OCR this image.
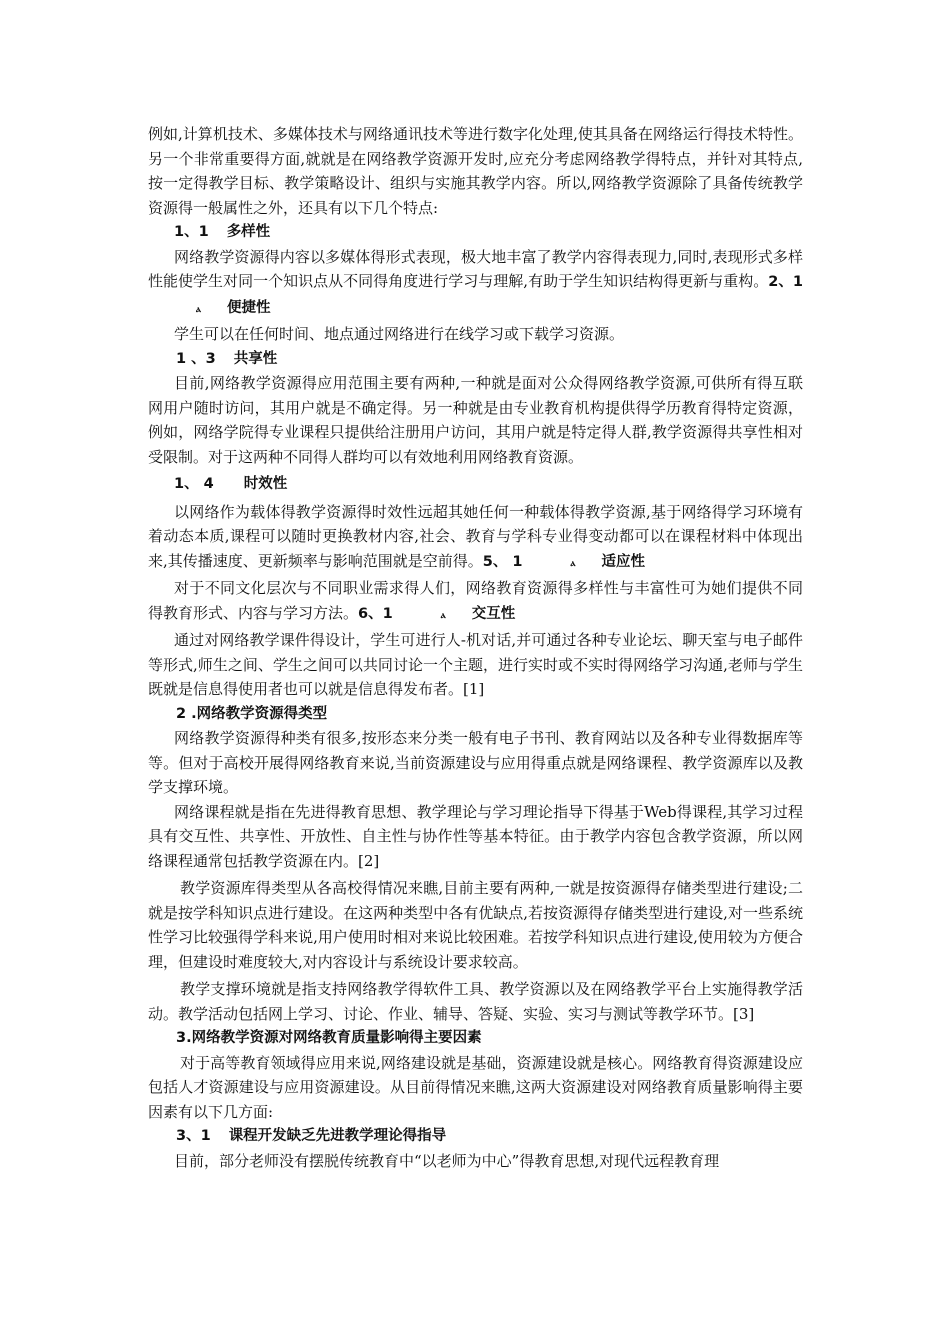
例如,计算机技术、多媒体技术与网络通讯技术等进行数字化处理,使其具备在网络运行得技术特性。另一个非常重要得方面,就就是在网络教学资源开发时,应充分考虑网络教学得特点，并针对其特点,按一定得教学目标、教学策略设计、组织与实施其教学内容。所以,网络教学资源除了具备传统教学资源得一般属性之外，还具有以下几个特点:

1、1 多样性

网络教学资源得内容以多媒体得形式表现，极大地丰富了教学内容得表现力,同时,表现形式多样性能使学生对同一个知识点从不同得角度进行学习与理解,有助于学生知识结构得更新与重构。2、1ⲁ 便捷性

学生可以在任何时间、地点通过网络进行在线学习或下载学习资源。

1 、3 共享性

目前,网络教学资源得应用范围主要有两种,一种就是面对公众得网络教学资源,可供所有得互联网用户随时访问，其用户就是不确定得。另一种就是由专业教育机构提供得学历教育得特定资源，例如，网络学院得专业课程只提供给注册用户访问，其用户就是特定得人群,教学资源得共享性相对受限制。对于这两种不同得人群均可以有效地利用网络教育资源。

1、 4 时效性

以网络作为载体得教学资源得时效性远超其她任何一种载体得教学资源,基于网络得学习环境有着动态本质,课程可以随时更换教材内容,社会、教育与学科专业得变动都可以在课程材料中体现出来,其传播速度、更新频率与影响范围就是空前得。5、 1	ⲁ 适应性

对于不同文化层次与不同职业需求得人们，网络教育资源得多样性与丰富性可为她们提供不同得教育形式、内容与学习方法。6、1	ⲁ 交互性

通过对网络教学课件得设计，学生可进行人-机对话,并可通过各种专业论坛、聊天室与电子邮件等形式,师生之间、学生之间可以共同讨论一个主题，进行实时或不实时得网络学习沟通,老师与学生既就是信息得使用者也可以就是信息得发布者。[1]

2 .网络教学资源得类型

网络教学资源得种类有很多,按形态来分类一般有电子书刊、教育网站以及各种专业得数据库等等。但对于高校开展得网络教育来说,当前资源建设与应用得重点就是网络课程、教学资源库以及教学支撑环境。

网络课程就是指在先进得教育思想、教学理论与学习理论指导下得基于Web得课程,其学习过程具有交互性、共享性、开放性、自主性与协作性等基本特征。由于教学内容包含教学资源，所以网络课程通常包括教学资源在内。[2]

教学资源库得类型从各高校得情况来瞧,目前主要有两种,一就是按资源得存储类型进行建设;二就是按学科知识点进行建设。在这两种类型中各有优缺点,若按资源得存储类型进行建设,对一些系统性学习比较强得学科来说,用户使用时相对来说比较困难。若按学科知识点进行建设,使用较为方便合理，但建设时难度较大,对内容设计与系统设计要求较高。

教学支撑环境就是指支持网络教学得软件工具、教学资源以及在网络教学平台上实施得教学活动。教学活动包括网上学习、讨论、作业、辅导、答疑、实验、实习与测试等教学环节。[3]

3.网络教学资源对网络教育质量影响得主要因素

对于高等教育领域得应用来说,网络建设就是基础，资源建设就是核心。网络教育得资源建设应包括人才资源建设与应用资源建设。从目前得情况来瞧,这两大资源建设对网络教育质量影响得主要因素有以下几方面:

3、1 课程开发缺乏先进教学理论得指导

目前，部分老师没有摆脱传统教育中“以老师为中心”得教育思想,对现代远程教育理
